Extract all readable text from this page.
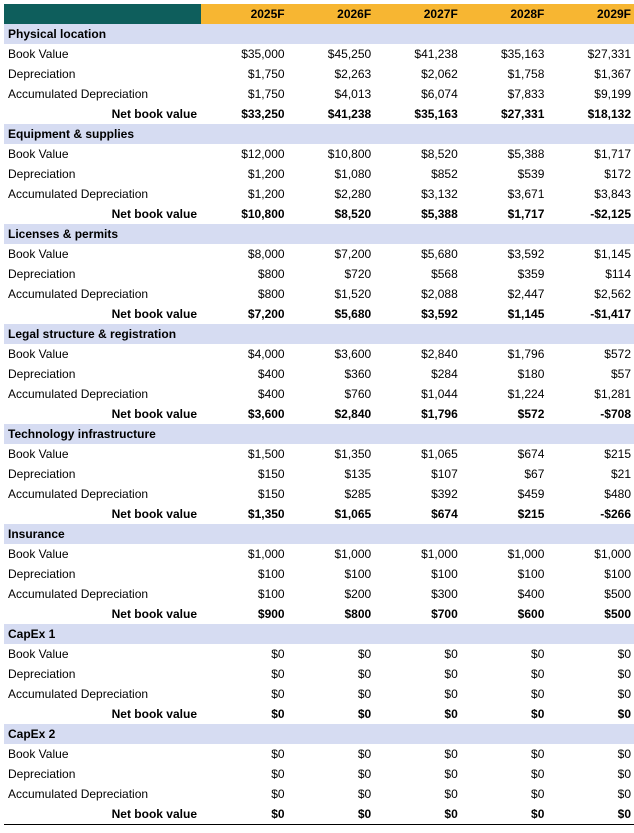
	2025F	2026F	2027F	2028F	2029F
Physical location					
Book Value	$35,000	$45,250	$41,238	$35,163	$27,331
Depreciation	$1,750	$2,263	$2,062	$1,758	$1,367
Accumulated Depreciation	$1,750	$4,013	$6,074	$7,833	$9,199
Net book value	$33,250	$41,238	$35,163	$27,331	$18,132
Equipment & supplies					
Book Value	$12,000	$10,800	$8,520	$5,388	$1,717
Depreciation	$1,200	$1,080	$852	$539	$172
Accumulated Depreciation	$1,200	$2,280	$3,132	$3,671	$3,843
Net book value	$10,800	$8,520	$5,388	$1,717	-$2,125
Licenses & permits					
Book Value	$8,000	$7,200	$5,680	$3,592	$1,145
Depreciation	$800	$720	$568	$359	$114
Accumulated Depreciation	$800	$1,520	$2,088	$2,447	$2,562
Net book value	$7,200	$5,680	$3,592	$1,145	-$1,417
Legal structure & registration					
Book Value	$4,000	$3,600	$2,840	$1,796	$572
Depreciation	$400	$360	$284	$180	$57
Accumulated Depreciation	$400	$760	$1,044	$1,224	$1,281
Net book value	$3,600	$2,840	$1,796	$572	-$708
Technology infrastructure					
Book Value	$1,500	$1,350	$1,065	$674	$215
Depreciation	$150	$135	$107	$67	$21
Accumulated Depreciation	$150	$285	$392	$459	$480
Net book value	$1,350	$1,065	$674	$215	-$266
Insurance					
Book Value	$1,000	$1,000	$1,000	$1,000	$1,000
Depreciation	$100	$100	$100	$100	$100
Accumulated Depreciation	$100	$200	$300	$400	$500
Net book value	$900	$800	$700	$600	$500
CapEx 1					
Book Value	$0	$0	$0	$0	$0
Depreciation	$0	$0	$0	$0	$0
Accumulated Depreciation	$0	$0	$0	$0	$0
Net book value	$0	$0	$0	$0	$0
CapEx 2					
Book Value	$0	$0	$0	$0	$0
Depreciation	$0	$0	$0	$0	$0
Accumulated Depreciation	$0	$0	$0	$0	$0
Net book value	$0	$0	$0	$0	$0
